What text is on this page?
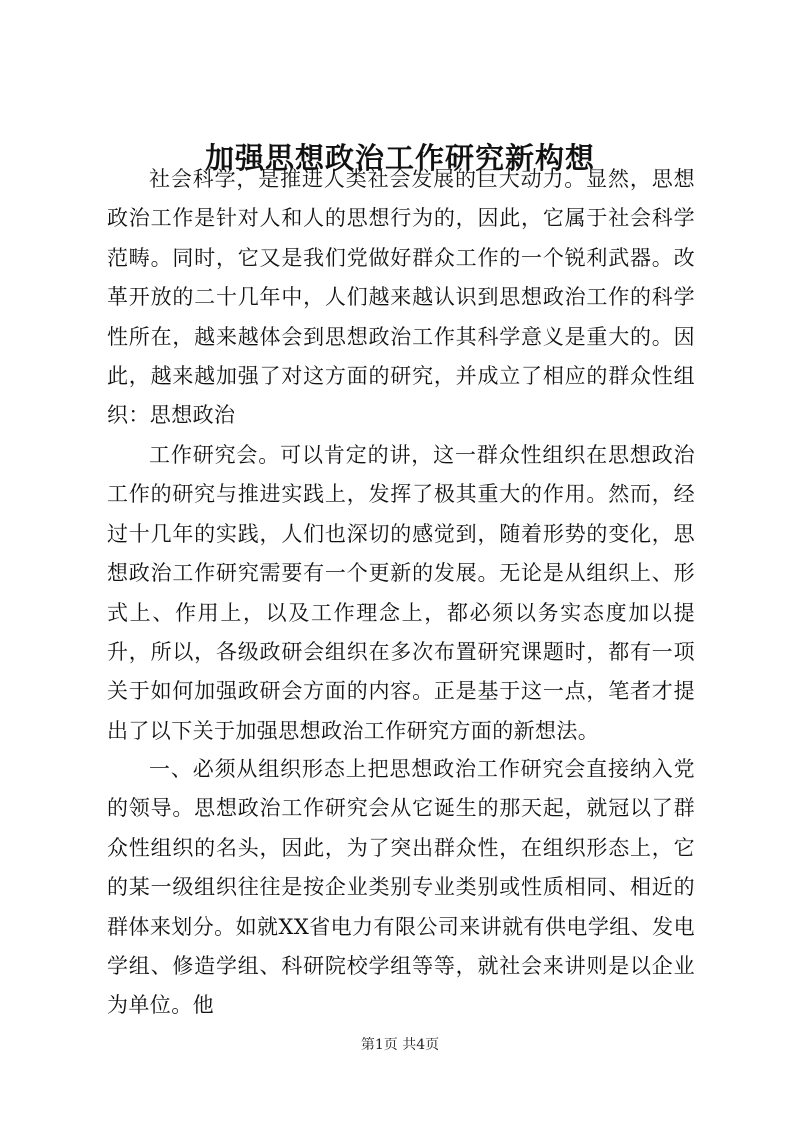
加强思想政治工作研究新构想

社会科学，是推进人类社会发展的巨大动力。显然，思想政治工作是针对人和人的思想行为的，因此，它属于社会科学范畴。同时，它又是我们党做好群众工作的一个锐利武器。改革开放的二十几年中，人们越来越认识到思想政治工作的科学性所在，越来越体会到思想政治工作其科学意义是重大的。因此，越来越加强了对这方面的研究，并成立了相应的群众性组织：思想政治

工作研究会。可以肯定的讲，这一群众性组织在思想政治工作的研究与推进实践上，发挥了极其重大的作用。然而，经过十几年的实践，人们也深切的感觉到，随着形势的变化，思想政治工作研究需要有一个更新的发展。无论是从组织上、形式上、作用上，以及工作理念上，都必须以务实态度加以提升，所以，各级政研会组织在多次布置研究课题时，都有一项关于如何加强政研会方面的内容。正是基于这一点，笔者才提出了以下关于加强思想政治工作研究方面的新想法。

一、必须从组织形态上把思想政治工作研究会直接纳入党的领导。思想政治工作研究会从它诞生的那天起，就冠以了群众性组织的名头，因此，为了突出群众性，在组织形态上，它的某一级组织往往是按企业类别专业类别或性质相同、相近的群体来划分。如就XX省电力有限公司来讲就有供电学组、发电学组、修造学组、科研院校学组等等，就社会来讲则是以企业为单位。他

第1页 共4页
